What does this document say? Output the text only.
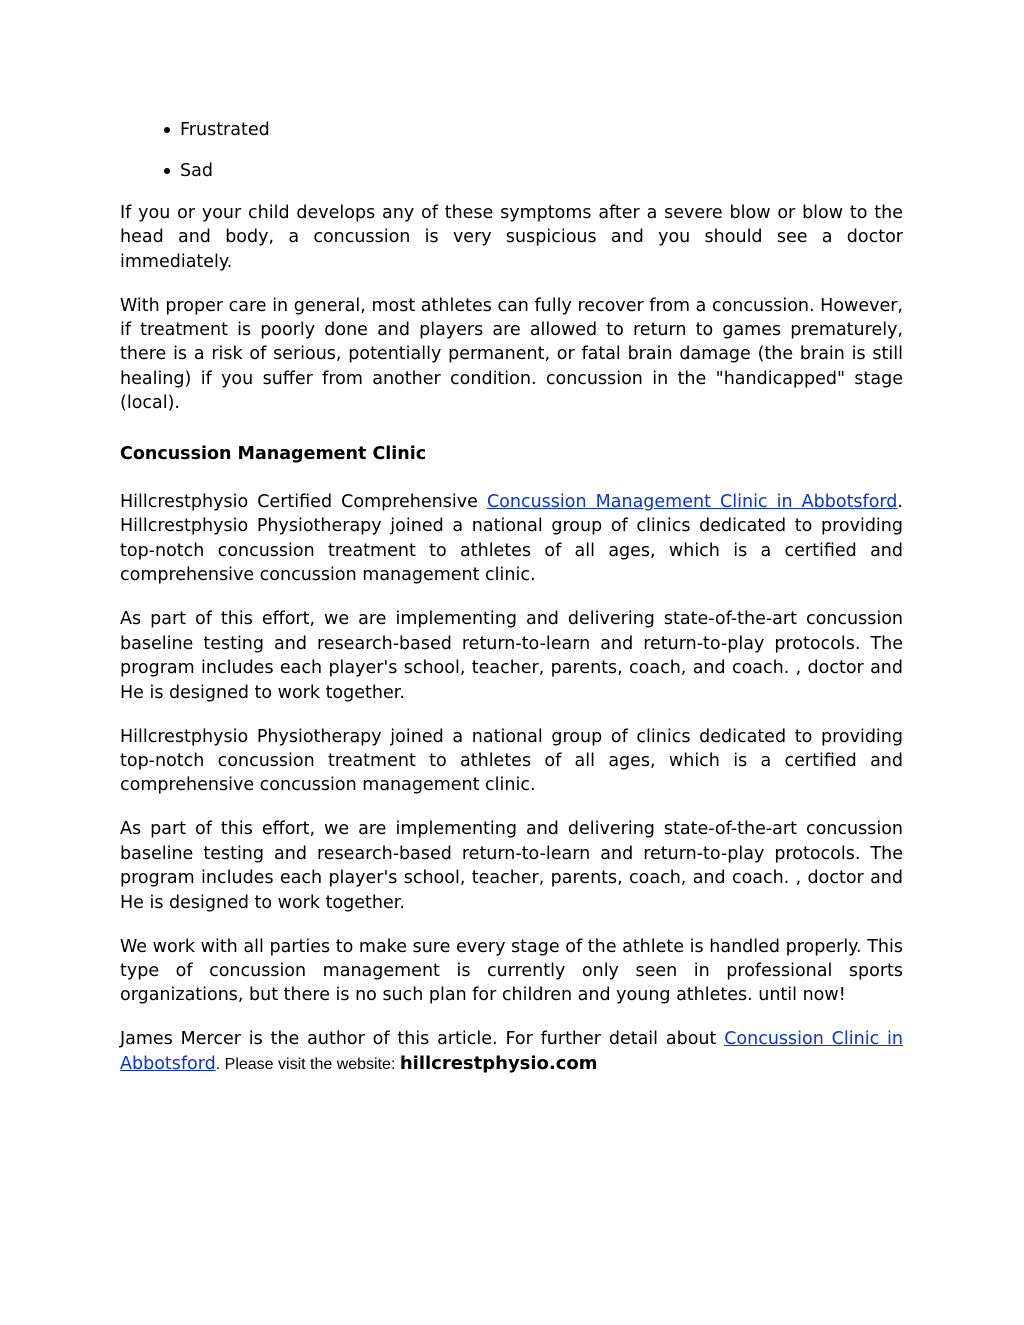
Frustrated
Sad

If you or your child develops any of these symptoms after a severe blow or blow to the head and body, a concussion is very suspicious and you should see a doctor immediately.

With proper care in general, most athletes can fully recover from a concussion. However, if treatment is poorly done and players are allowed to return to games prematurely, there is a risk of serious, potentially permanent, or fatal brain damage (the brain is still healing) if you suffer from another condition. concussion in the "handicapped" stage (local).

Concussion Management Clinic

Hillcrestphysio Certified Comprehensive Concussion Management Clinic in Abbotsford. Hillcrestphysio Physiotherapy joined a national group of clinics dedicated to providing top-notch concussion treatment to athletes of all ages, which is a certified and comprehensive concussion management clinic.

As part of this effort, we are implementing and delivering state-of-the-art concussion baseline testing and research-based return-to-learn and return-to-play protocols. The program includes each player's school, teacher, parents, coach, and coach. , doctor and He is designed to work together.

Hillcrestphysio Physiotherapy joined a national group of clinics dedicated to providing top-notch concussion treatment to athletes of all ages, which is a certified and comprehensive concussion management clinic.

As part of this effort, we are implementing and delivering state-of-the-art concussion baseline testing and research-based return-to-learn and return-to-play protocols. The program includes each player's school, teacher, parents, coach, and coach. , doctor and He is designed to work together.

We work with all parties to make sure every stage of the athlete is handled properly. This type of concussion management is currently only seen in professional sports organizations, but there is no such plan for children and young athletes. until now!

James Mercer is the author of this article. For further detail about Concussion Clinic in Abbotsford. Please visit the website: hillcrestphysio.com
